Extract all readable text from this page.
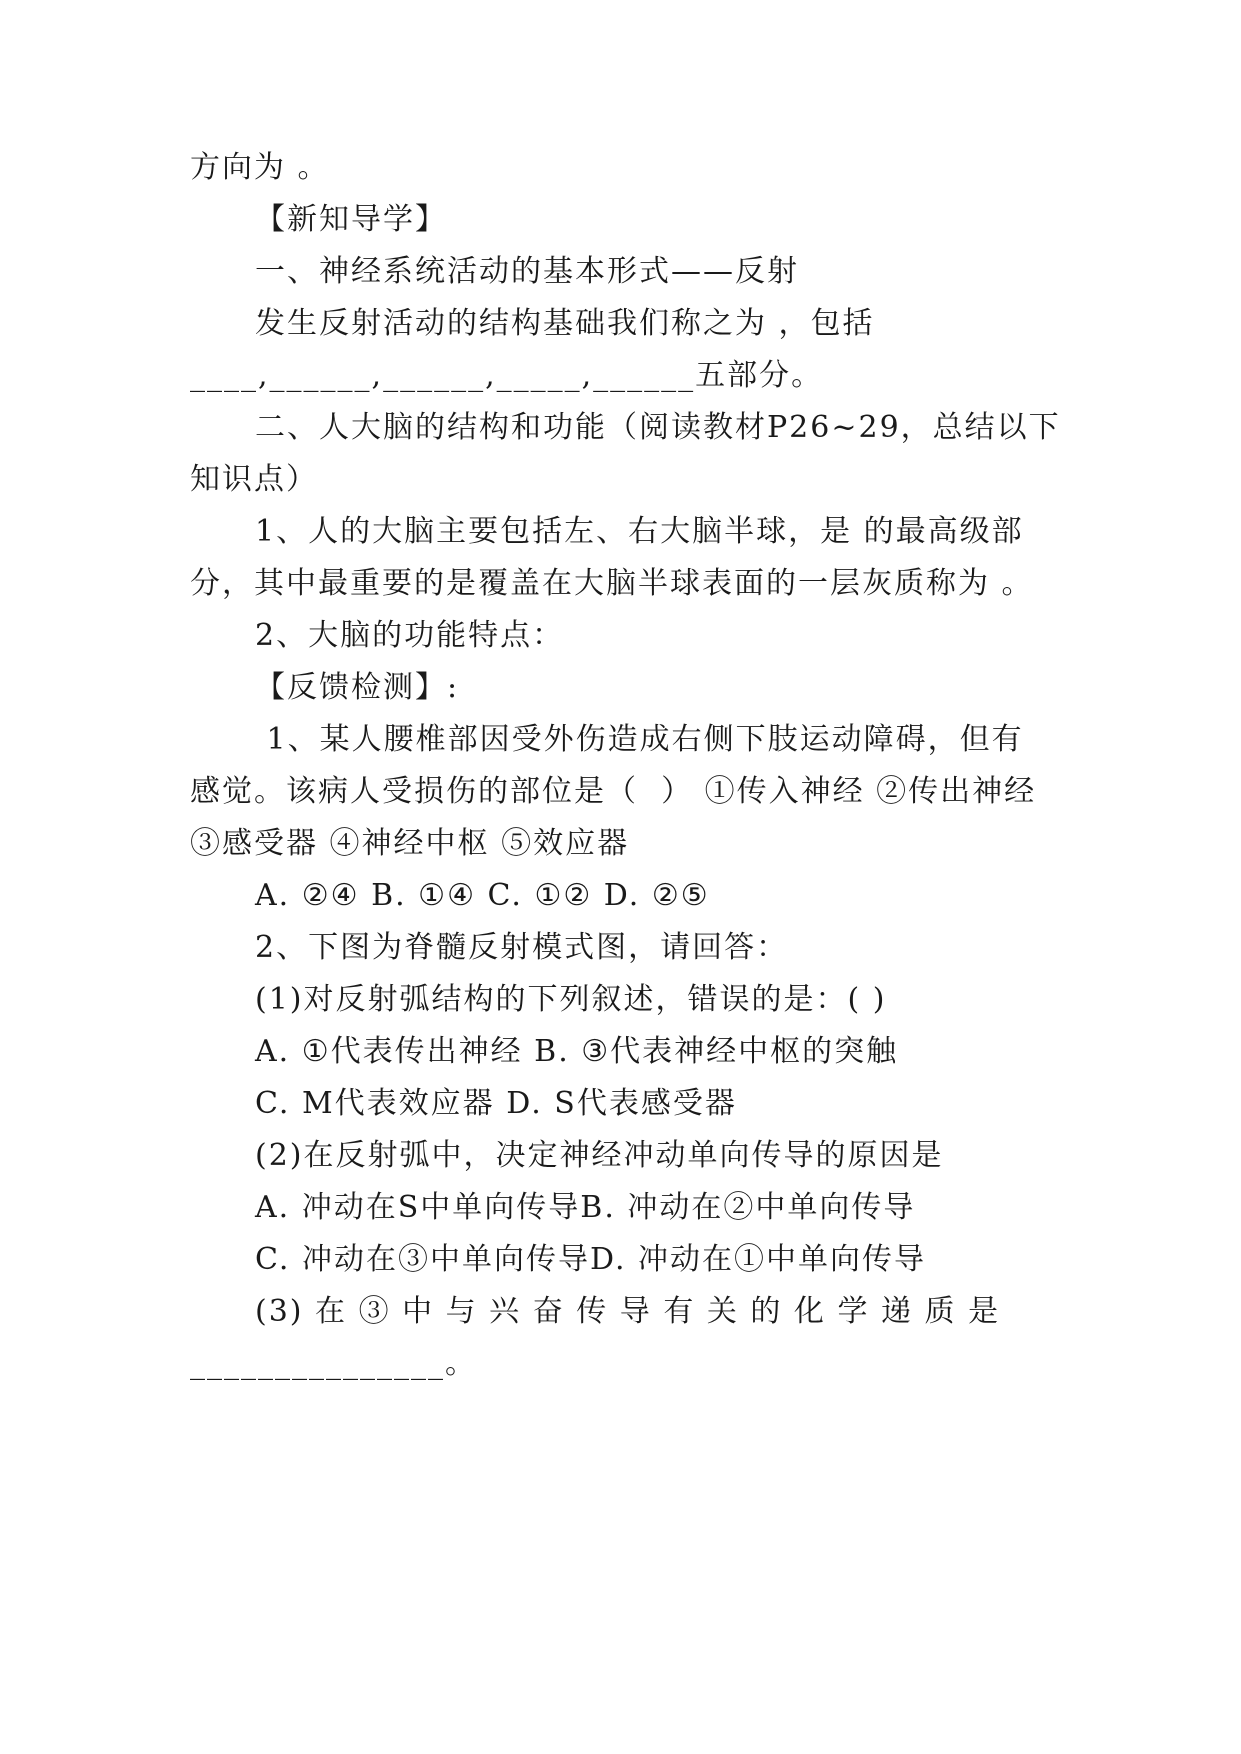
方向为 。
【新知导学】
一、神经系统活动的基本形式——反射
发生反射活动的结构基础我们称之为 ，包括
____,______,______,_____,______五部分。
二、人大脑的结构和功能（阅读教材P26~29，总结以下
知识点）
1、人的大脑主要包括左、右大脑半球，是 的最高级部
分，其中最重要的是覆盖在大脑半球表面的一层灰质称为 。
2、大脑的功能特点：
【反馈检测】:
1、某人腰椎部因受外伤造成右侧下肢运动障碍，但有
感觉。该病人受损伤的部位是（  ） ①传入神经 ②传出神经
③感受器 ④神经中枢 ⑤效应器
A. ②④ B. ①④ C. ①② D. ②⑤
2、下图为脊髓反射模式图，请回答：
(1)对反射弧结构的下列叙述，错误的是：( )
A. ①代表传出神经 B. ③代表神经中枢的突触
C. M代表效应器 D. S代表感受器
(2)在反射弧中，决定神经冲动单向传导的原因是
A. 冲动在S中单向传导B. 冲动在②中单向传导
C. 冲动在③中单向传导D. 冲动在①中单向传导
(3) 在 ③ 中 与 兴 奋 传 导 有 关 的 化 学 递 质 是
_______________。
